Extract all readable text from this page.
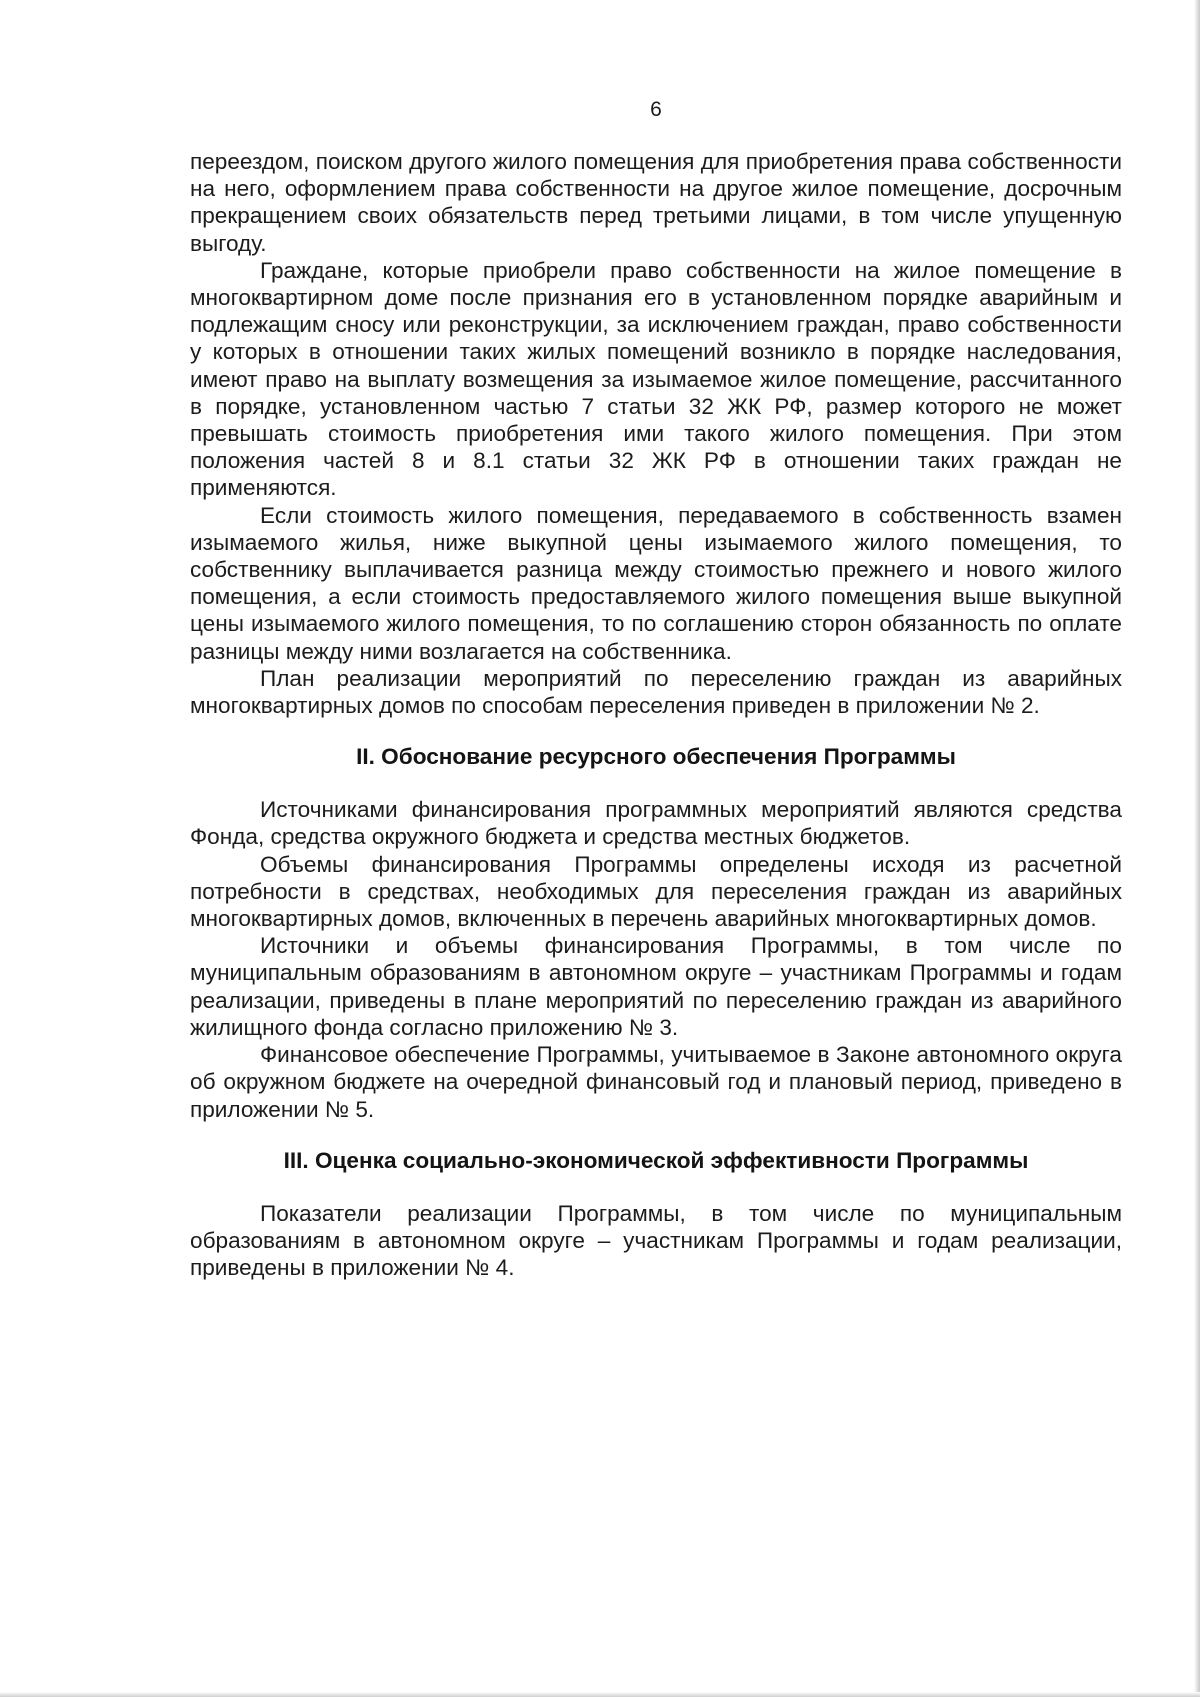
6

переездом, поиском другого жилого помещения для приобретения права собственности на него, оформлением права собственности на другое жилое помещение, досрочным прекращением своих обязательств перед третьими лицами, в том числе упущенную выгоду.

Граждане, которые приобрели право собственности на жилое помещение в многоквартирном доме после признания его в установленном порядке аварийным и подлежащим сносу или реконструкции, за исключением граждан, право собственности у которых в отношении таких жилых помещений возникло в порядке наследования, имеют право на выплату возмещения за изымаемое жилое помещение, рассчитанного в порядке, установленном частью 7 статьи 32 ЖК РФ, размер которого не может превышать стоимость приобретения ими такого жилого помещения. При этом положения частей 8 и 8.1 статьи 32 ЖК РФ в отношении таких граждан не применяются.

Если стоимость жилого помещения, передаваемого в собственность взамен изымаемого жилья, ниже выкупной цены изымаемого жилого помещения, то собственнику выплачивается разница между стоимостью прежнего и нового жилого помещения, а если стоимость предоставляемого жилого помещения выше выкупной цены изымаемого жилого помещения, то по соглашению сторон обязанность по оплате разницы между ними возлагается на собственника.

План реализации мероприятий по переселению граждан из аварийных многоквартирных домов по способам переселения приведен в приложении № 2.

II. Обоснование ресурсного обеспечения Программы

Источниками финансирования программных мероприятий являются средства Фонда, средства окружного бюджета и средства местных бюджетов.

Объемы финансирования Программы определены исходя из расчетной потребности в средствах, необходимых для переселения граждан из аварийных многоквартирных домов, включенных в перечень аварийных многоквартирных домов.

Источники и объемы финансирования Программы, в том числе по муниципальным образованиям в автономном округе – участникам Программы и годам реализации, приведены в плане мероприятий по переселению граждан из аварийного жилищного фонда согласно приложению № 3.

Финансовое обеспечение Программы, учитываемое в Законе автономного округа об окружном бюджете на очередной финансовый год и плановый период, приведено в приложении № 5.

III. Оценка социально-экономической эффективности Программы

Показатели реализации Программы, в том числе по муниципальным образованиям в автономном округе – участникам Программы и годам реализации, приведены в приложении № 4.
